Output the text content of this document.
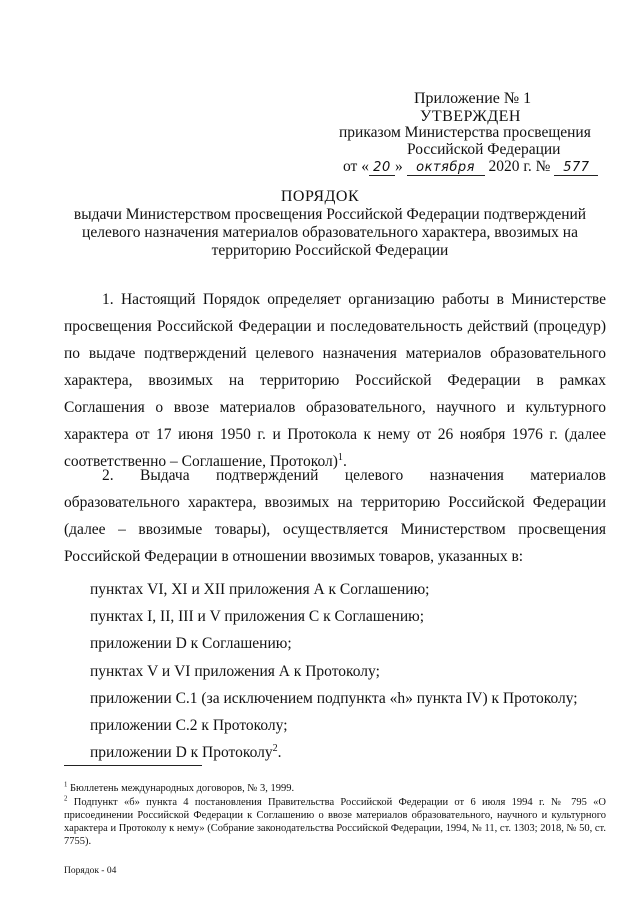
Приложение № 1
УТВЕРЖДЕН
приказом Министерства просвещения
Российской Федерации
от « 20 » октября 2020 г. № 577
ПОРЯДОК
выдачи Министерством просвещения Российской Федерации подтверждений целевого назначения материалов образовательного характера, ввозимых на территорию Российской Федерации

1. Настоящий Порядок определяет организацию работы в Министерстве просвещения Российской Федерации и последовательность действий (процедур) по выдаче подтверждений целевого назначения материалов образовательного характера, ввозимых на территорию Российской Федерации в рамках Соглашения о ввозе материалов образовательного, научного и культурного характера от 17 июня 1950 г. и Протокола к нему от 26 ноября 1976 г. (далее соответственно – Соглашение, Протокол)$^1$.

2. Выдача подтверждений целевого назначения материалов образовательного характера, ввозимых на территорию Российской Федерации (далее – ввозимые товары), осуществляется Министерством просвещения Российской Федерации в отношении ввозимых товаров, указанных в:

пунктах VI, XI и XII приложения А к Соглашению;
пунктах I, II, III и V приложения С к Соглашению;
приложении D к Соглашению;
пунктах V и VI приложения А к Протоколу;
приложении С.1 (за исключением подпункта «h» пункта IV) к Протоколу;
приложении С.2 к Протоколу;
приложении D к Протоколу$^2$.

$^1$ Бюллетень международных договоров, № 3, 1999.

$^2$ Подпункт «б» пункта 4 постановления Правительства Российской Федерации от 6 июля 1994 г. № 795 «О присоединении Российской Федерации к Соглашению о ввозе материалов образовательного, научного и культурного характера и Протоколу к нему» (Собрание законодательства Российской Федерации, 1994, № 11, ст. 1303; 2018, № 50, ст. 7755).

Порядок - 04
